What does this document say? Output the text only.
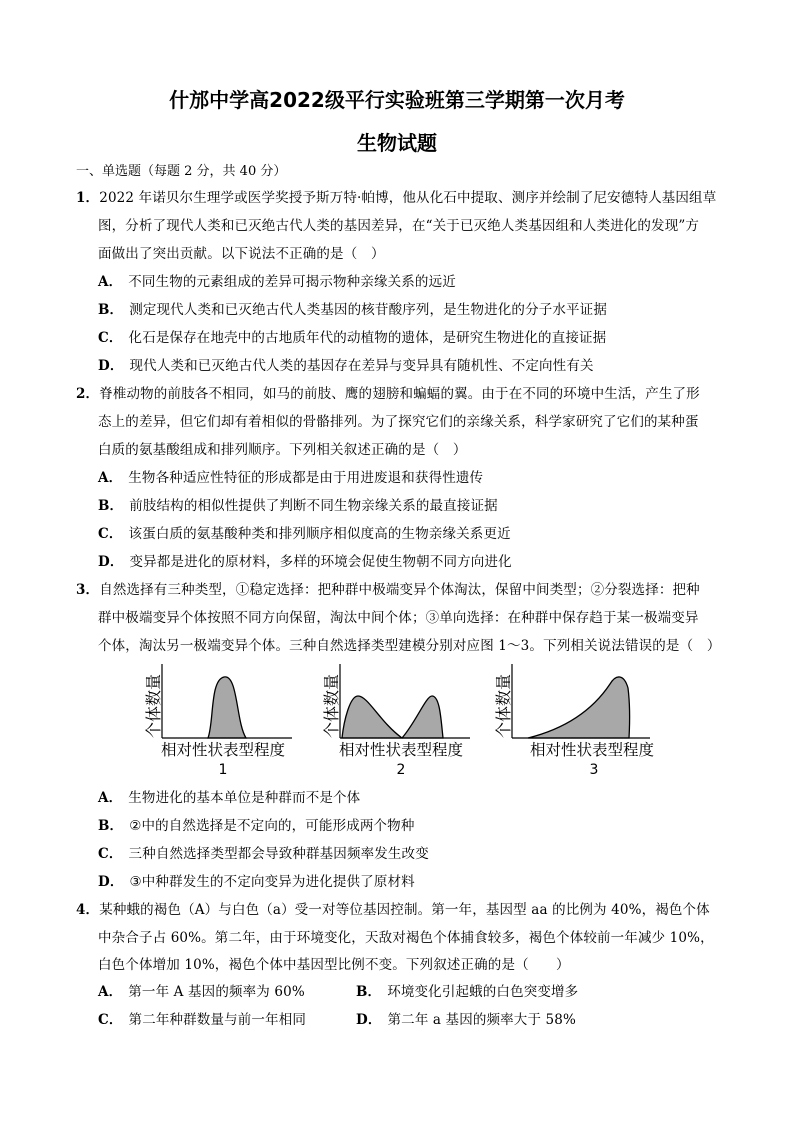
什邡中学高2022级平行实验班第三学期第一次月考
生物试题
一、单选题（每题 2 分，共 40 分）
1．2022 年诺贝尔生理学或医学奖授予斯万特·帕博，他从化石中提取、测序并绘制了尼安德特人基因组草
图，分析了现代人类和已灭绝古代人类的基因差异，在“关于已灭绝人类基因组和人类进化的发现”方
面做出了突出贡献。以下说法不正确的是（　）
A． 不同生物的元素组成的差异可揭示物种亲缘关系的远近
B． 测定现代人类和已灭绝古代人类基因的核苷酸序列，是生物进化的分子水平证据
C． 化石是保存在地壳中的古地质年代的动植物的遗体，是研究生物进化的直接证据
D． 现代人类和已灭绝古代人类的基因存在差异与变异具有随机性、不定向性有关
2．脊椎动物的前肢各不相同，如马的前肢、鹰的翅膀和蝙蝠的翼。由于在不同的环境中生活，产生了形
态上的差异，但它们却有着相似的骨骼排列。为了探究它们的亲缘关系，科学家研究了它们的某种蛋
白质的氨基酸组成和排列顺序。下列相关叙述正确的是（　）
A． 生物各种适应性特征的形成都是由于用进废退和获得性遗传
B． 前肢结构的相似性提供了判断不同生物亲缘关系的最直接证据
C． 该蛋白质的氨基酸种类和排列顺序相似度高的生物亲缘关系更近
D． 变异都是进化的原材料，多样的环境会促使生物朝不同方向进化
3．自然选择有三种类型，①稳定选择：把种群中极端变异个体淘汰，保留中间类型；②分裂选择：把种
群中极端变异个体按照不同方向保留，淘汰中间个体；③单向选择：在种群中保存趋于某一极端变异
个体，淘汰另一极端变异个体。三种自然选择类型建模分别对应图 1～3。下列相关说法错误的是（　）
个体数量
相对性状表型程度
1
个体数量
相对性状表型程度
2
个体数量
相对性状表型程度
3
A． 生物进化的基本单位是种群而不是个体
B． ②中的自然选择是不定向的，可能形成两个物种
C． 三种自然选择类型都会导致种群基因频率发生改变
D． ③中种群发生的不定向变异为进化提供了原材料
4．某种蛾的褐色（A）与白色（a）受一对等位基因控制。第一年，基因型 aa 的比例为 40%，褐色个体
中杂合子占 60%。第二年，由于环境变化，天敌对褐色个体捕食较多，褐色个体较前一年减少 10%，
白色个体增加 10%，褐色个体中基因型比例不变。下列叙述正确的是（　　）
A． 第一年 A 基因的频率为 60%	B． 环境变化引起蛾的白色突变增多
C． 第二年种群数量与前一年相同	D． 第二年 a 基因的频率大于 58%
